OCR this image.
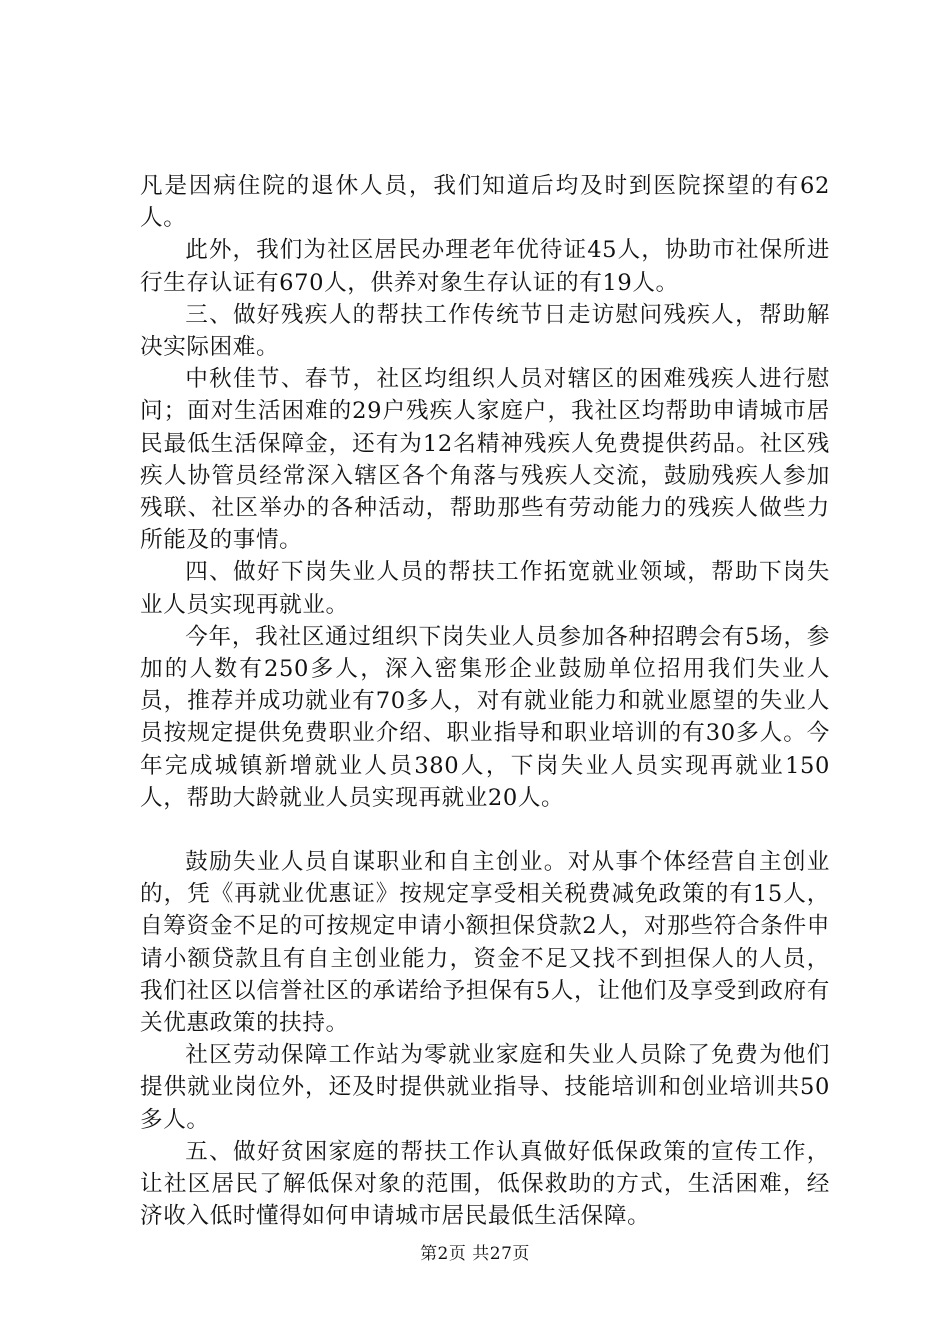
凡是因病住院的退休人员，我们知道后均及时到医院探望的有62人。

此外，我们为社区居民办理老年优待证45人，协助市社保所进行生存认证有670人，供养对象生存认证的有19人。

三、做好残疾人的帮扶工作传统节日走访慰问残疾人，帮助解决实际困难。

中秋佳节、春节，社区均组织人员对辖区的困难残疾人进行慰问；面对生活困难的29户残疾人家庭户，我社区均帮助申请城市居民最低生活保障金，还有为12名精神残疾人免费提供药品。社区残疾人协管员经常深入辖区各个角落与残疾人交流，鼓励残疾人参加残联、社区举办的各种活动，帮助那些有劳动能力的残疾人做些力所能及的事情。

四、做好下岗失业人员的帮扶工作拓宽就业领域，帮助下岗失业人员实现再就业。

今年，我社区通过组织下岗失业人员参加各种招聘会有5场，参加的人数有250多人，深入密集形企业鼓励单位招用我们失业人员，推荐并成功就业有70多人，对有就业能力和就业愿望的失业人员按规定提供免费职业介绍、职业指导和职业培训的有30多人。今年完成城镇新增就业人员380人，下岗失业人员实现再就业150人，帮助大龄就业人员实现再就业20人。

鼓励失业人员自谋职业和自主创业。对从事个体经营自主创业的，凭《再就业优惠证》按规定享受相关税费减免政策的有15人，自筹资金不足的可按规定申请小额担保贷款2人，对那些符合条件申请小额贷款且有自主创业能力，资金不足又找不到担保人的人员，我们社区以信誉社区的承诺给予担保有5人，让他们及享受到政府有关优惠政策的扶持。

社区劳动保障工作站为零就业家庭和失业人员除了免费为他们提供就业岗位外，还及时提供就业指导、技能培训和创业培训共50多人。

五、做好贫困家庭的帮扶工作认真做好低保政策的宣传工作，让社区居民了解低保对象的范围，低保救助的方式，生活困难，经济收入低时懂得如何申请城市居民最低生活保障。

第2页 共27页
